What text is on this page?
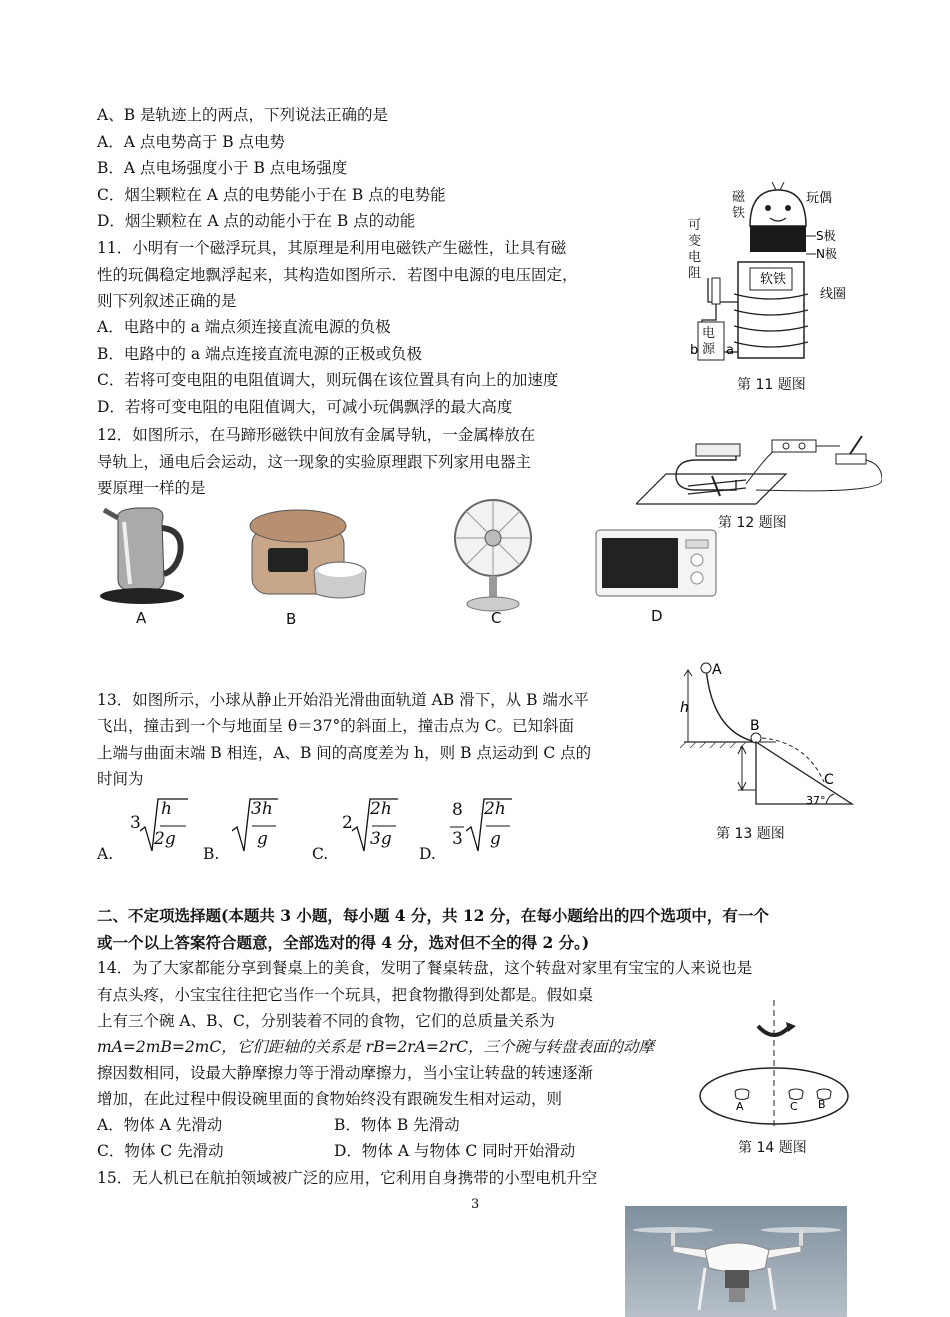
A、B 是轨迹上的两点，下列说法正确的是
A．A 点电势高于 B 点电势
B．A 点电场强度小于 B 点电场强度
C．烟尘颗粒在 A 点的电势能小于在 B 点的电势能
D．烟尘颗粒在 A 点的动能小于在 B 点的动能
11．小明有一个磁浮玩具，其原理是利用电磁铁产生磁性，让具有磁
性的玩偶稳定地飘浮起来，其构造如图所示．若图中电源的电压固定，
则下列叙述正确的是
A．电路中的 a 端点须连接直流电源的负极
B．电路中的 a 端点连接直流电源的正极或负极
C．若将可变电阻的电阻值调大，则玩偶在该位置具有向上的加速度
D．若将可变电阻的电阻值调大，可减小玩偶飘浮的最大高度
软铁
玩偶
S极
N极
线圈
b a
磁铁
可变电阻
电源
第 11 题图
12．如图所示，在马蹄形磁铁中间放有金属导轨，一金属棒放在
导轨上，通电后会运动，这一现象的实验原理跟下列家用电器主
要原理一样的是
第 12 题图
A	B	C	D
13．如图所示，小球从静止开始沿光滑曲面轨道 AB 滑下，从 B 端水平
飞出，撞击到一个与地面呈 θ＝37°的斜面上，撞击点为 C。已知斜面
上端与曲面末端 B 相连，A、B 间的高度差为 h，则 B 点运动到 C 点的
时间为
A.
3
h
2g
B.
3h
g
C.
2
2h
3g
D.
8
3
2h
g
A
B
C
h
37°
第 13 题图
二、不定项选择题(本题共 3 小题，每小题 4 分，共 12 分，在每小题给出的四个选项中，有一个
或一个以上答案符合题意，全部选对的得 4 分，选对但不全的得 2 分。)
14．为了大家都能分享到餐桌上的美食，发明了餐桌转盘，这个转盘对家里有宝宝的人来说也是
有点头疼，小宝宝往往把它当作一个玩具，把食物撒得到处都是。假如桌
上有三个碗 A、B、C，分别装着不同的食物，它们的总质量关系为
mA=2mB=2mC，它们距轴的关系是 rB=2rA=2rC，三个碗与转盘表面的动摩
擦因数相同，设最大静摩擦力等于滑动摩擦力，当小宝让转盘的转速逐渐
增加，在此过程中假设碗里面的食物始终没有跟碗发生相对运动，则
A．物体 A 先滑动	B．物体 B 先滑动
C．物体 C 先滑动	D．物体 A 与物体 C 同时开始滑动
A	C B
第 14 题图
15．无人机已在航拍领域被广泛的应用，它利用自身携带的小型电机升空
3
